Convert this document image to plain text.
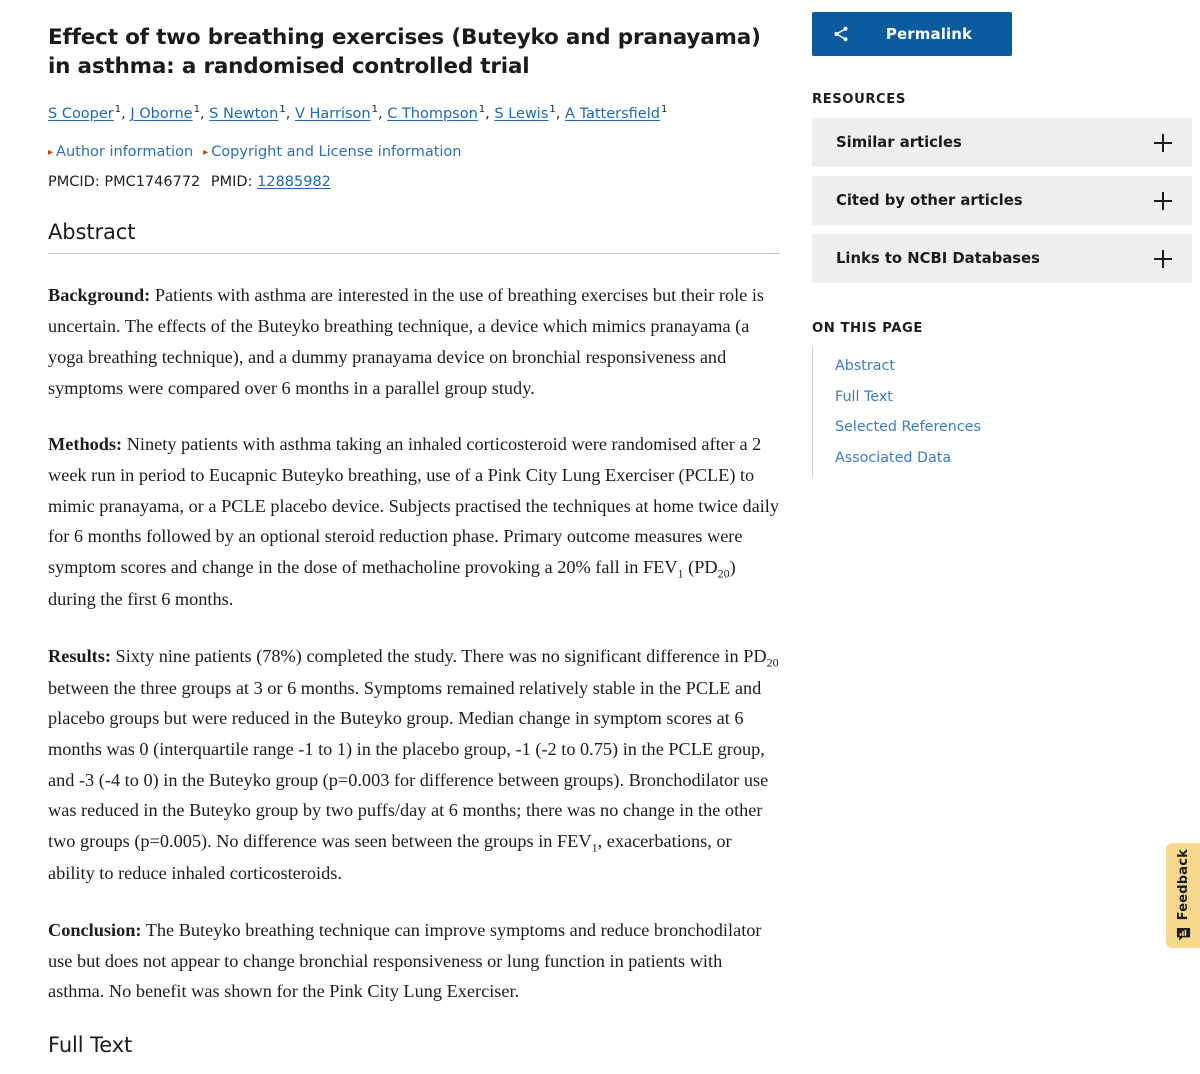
Effect of two breathing exercises (Buteyko and pranayama) in asthma: a randomised controlled trial
S Cooper$^1$, J Oborne$^1$, S Newton$^1$, V Harrison$^1$, C Thompson$^1$, S Lewis$^1$, A Tattersfield$^1$
▸ Author information ▸ Copyright and License information
PMCID: PMC1746772 PMID: 12885982
Abstract

Background: Patients with asthma are interested in the use of breathing exercises but their role is uncertain. The effects of the Buteyko breathing technique, a device which mimics pranayama (a yoga breathing technique), and a dummy pranayama device on bronchial responsiveness and symptoms were compared over 6 months in a parallel group study.

Methods: Ninety patients with asthma taking an inhaled corticosteroid were randomised after a 2 week run in period to Eucapnic Buteyko breathing, use of a Pink City Lung Exerciser (PCLE) to mimic pranayama, or a PCLE placebo device. Subjects practised the techniques at home twice daily for 6 months followed by an optional steroid reduction phase. Primary outcome measures were symptom scores and change in the dose of methacholine provoking a 20% fall in $FEV_1$ $(PD_{20})$ during the first 6 months.

Results: Sixty nine patients (78%) completed the study. There was no significant difference in $PD_{20}$ between the three groups at 3 or 6 months. Symptoms remained relatively stable in the PCLE and placebo groups but were reduced in the Buteyko group. Median change in symptom scores at 6 months was 0 (interquartile range -1 to 1) in the placebo group, -1 (-2 to 0.75) in the PCLE group, and -3 (-4 to 0) in the Buteyko group (p=0.003 for difference between groups). Bronchodilator use was reduced in the Buteyko group by two puffs/day at 6 months; there was no change in the other two groups (p=0.005). No difference was seen between the groups in $FEV_1$, exacerbations, or ability to reduce inhaled corticosteroids.

Conclusion: The Buteyko breathing technique can improve symptoms and reduce bronchodilator use but does not appear to change bronchial responsiveness or lung function in patients with asthma. No benefit was shown for the Pink City Lung Exerciser.

Full Text
Permalink
RESOURCES
Similar articles
Cited by other articles
Links to NCBI Databases
ON THIS PAGE
Abstract
Full Text
Selected References
Associated Data
Feedback
